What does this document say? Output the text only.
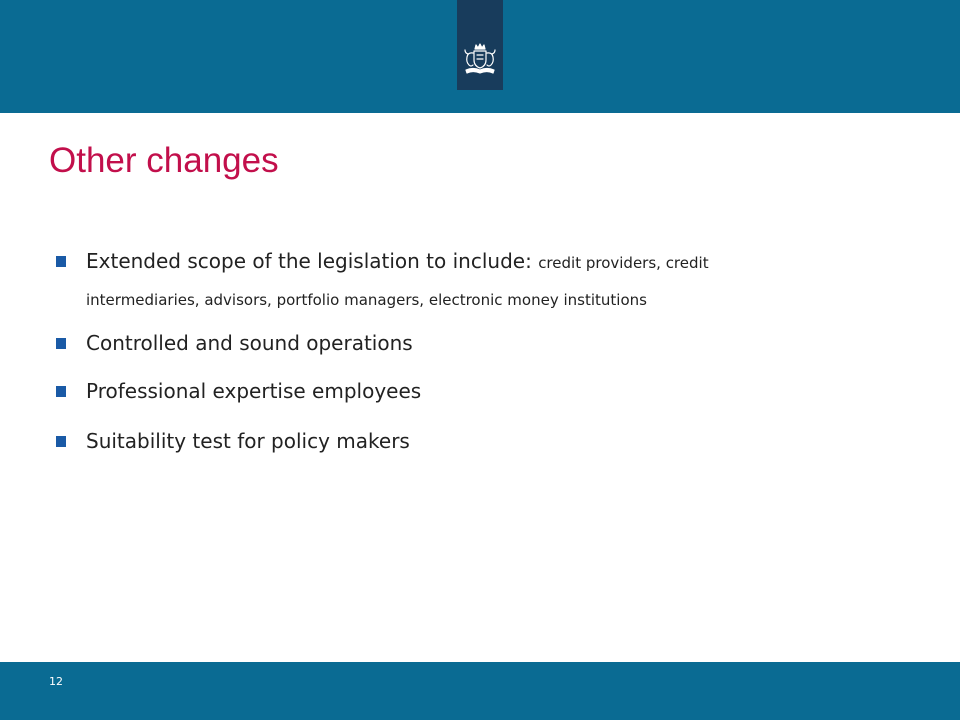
Other changes
Extended scope of the legislation to include: credit providers, credit
intermediaries, advisors, portfolio managers, electronic money institutions
Controlled and sound operations
Professional expertise employees
Suitability test for policy makers
12
